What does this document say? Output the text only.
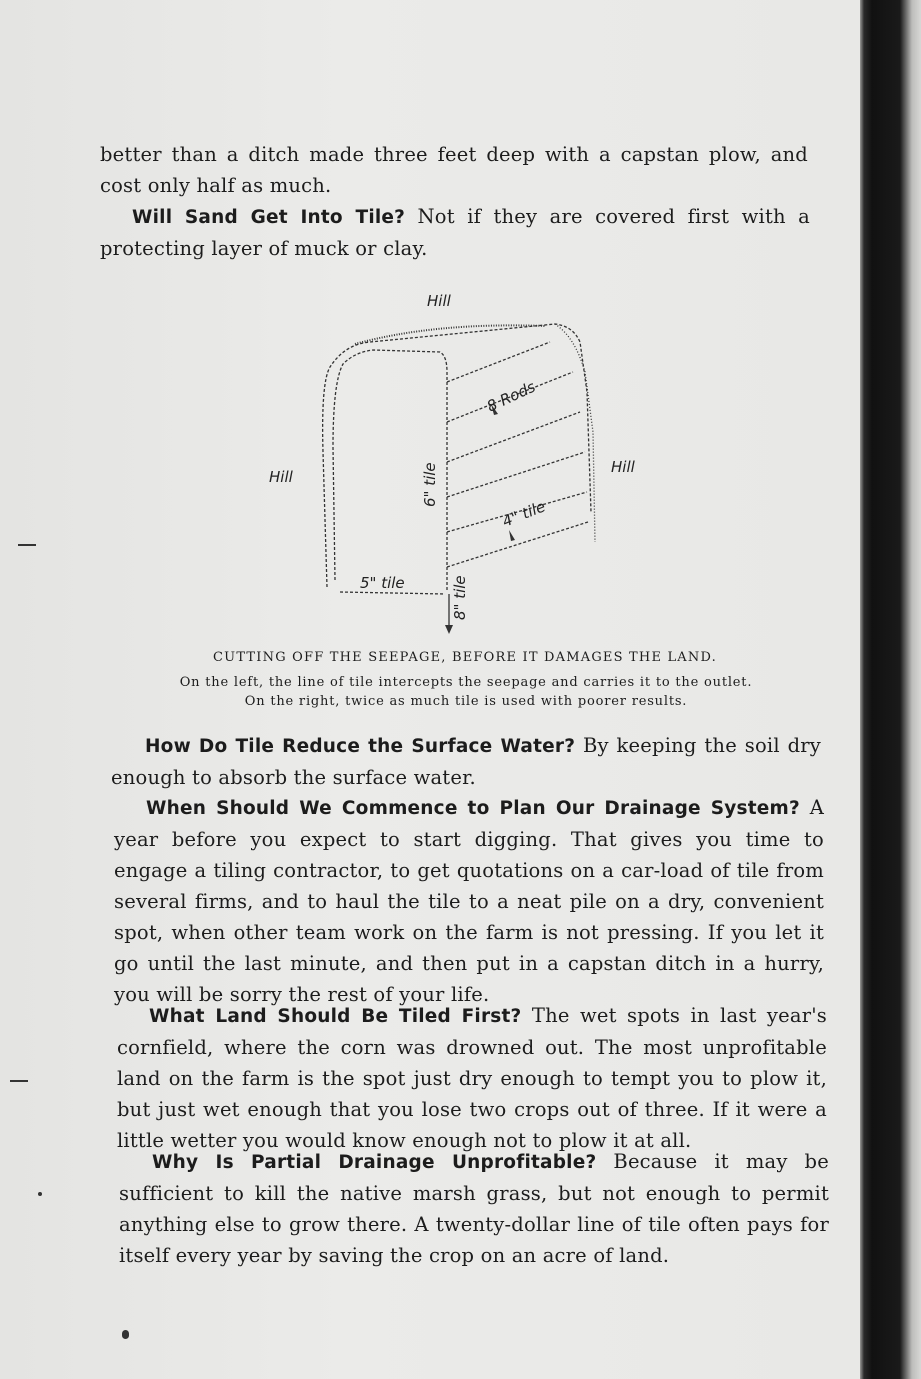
better than a ditch made three feet deep with a capstan plow, and cost only half as much.
Will Sand Get Into Tile? Not if they are covered first with a protecting layer of muck or clay.
Hill
Hill
Hill
8 Rods
6" tile
4" tile
5" tile	8" tile
CUTTING OFF THE SEEPAGE, BEFORE IT DAMAGES THE LAND.
On the left, the line of tile intercepts the seepage and carries it to the outlet.
On the right, twice as much tile is used with poorer results.
How Do Tile Reduce the Surface Water? By keeping the soil dry enough to absorb the surface water.
When Should We Commence to Plan Our Drainage System? A year before you expect to start digging. That gives you time to engage a tiling contractor, to get quotations on a car-load of tile from several firms, and to haul the tile to a neat pile on a dry, convenient spot, when other team work on the farm is not pressing. If you let it go until the last minute, and then put in a capstan ditch in a hurry, you will be sorry the rest of your life.
What Land Should Be Tiled First? The wet spots in last year's cornfield, where the corn was drowned out. The most unprofitable land on the farm is the spot just dry enough to tempt you to plow it, but just wet enough that you lose two crops out of three. If it were a little wetter you would know enough not to plow it at all.
Why Is Partial Drainage Unprofitable? Because it may be sufficient to kill the native marsh grass, but not enough to permit anything else to grow there. A twenty-dollar line of tile often pays for itself every year by saving the crop on an acre of land.
